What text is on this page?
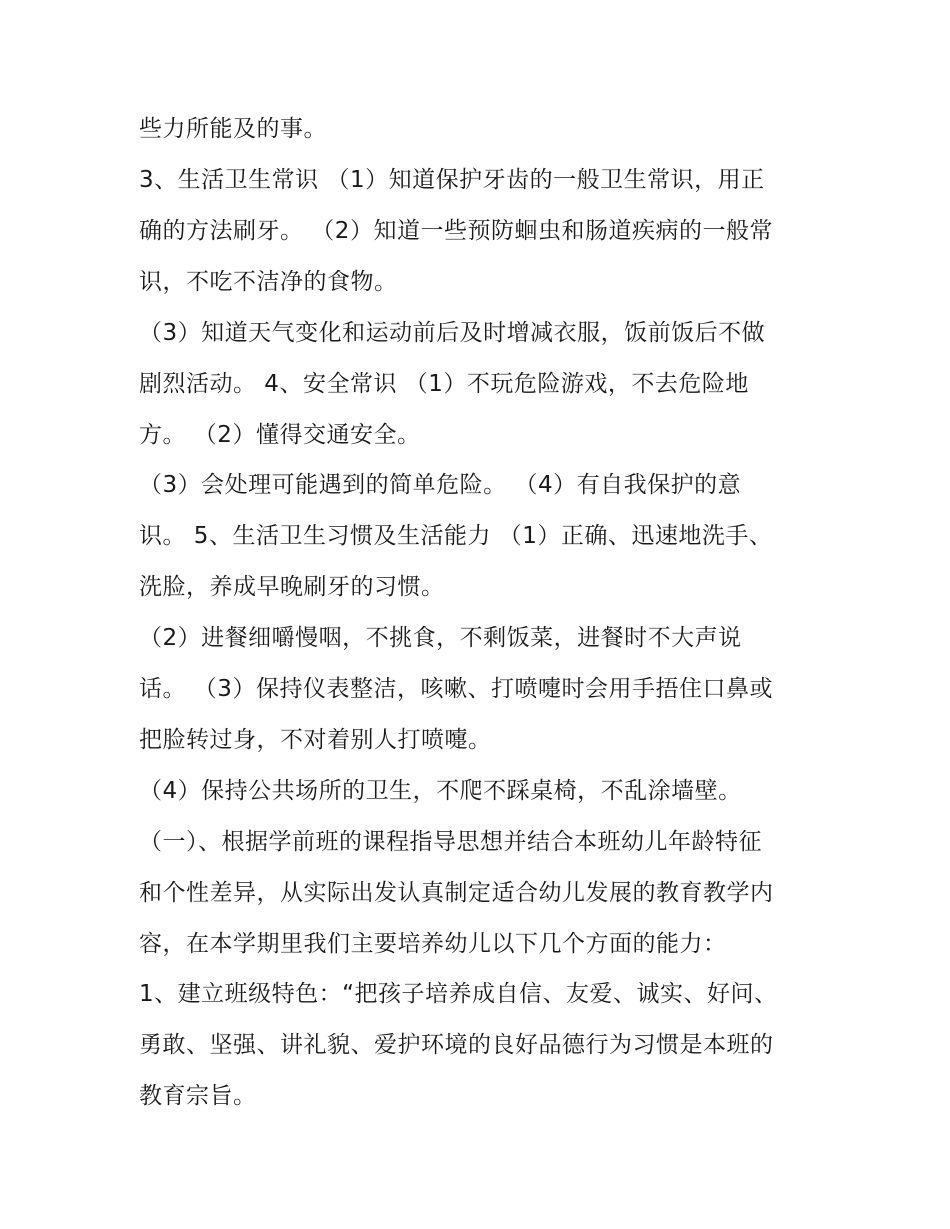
些力所能及的事。
3、生活卫生常识 （1）知道保护牙齿的一般卫生常识，用正
确的方法刷牙。 （2）知道一些预防蛔虫和肠道疾病的一般常
识，不吃不洁净的食物。
（3）知道天气变化和运动前后及时增减衣服，饭前饭后不做
剧烈活动。 4、安全常识 （1）不玩危险游戏，不去危险地
方。 （2）懂得交通安全。
（3）会处理可能遇到的简单危险。 （4）有自我保护的意
识。 5、生活卫生习惯及生活能力 （1）正确、迅速地洗手、
洗脸，养成早晚刷牙的习惯。
（2）进餐细嚼慢咽，不挑食，不剩饭菜，进餐时不大声说
话。 （3）保持仪表整洁，咳嗽、打喷嚏时会用手捂住口鼻或
把脸转过身，不对着别人打喷嚏。
（4）保持公共场所的卫生，不爬不踩桌椅，不乱涂墙壁。
（一）、根据学前班的课程指导思想并结合本班幼儿年龄特征
和个性差异，从实际出发认真制定适合幼儿发展的教育教学内
容，在本学期里我们主要培养幼儿以下几个方面的能力：
1、建立班级特色：“把孩子培养成自信、友爱、诚实、好问、
勇敢、坚强、讲礼貌、爱护环境的良好品德行为习惯是本班的
教育宗旨。
